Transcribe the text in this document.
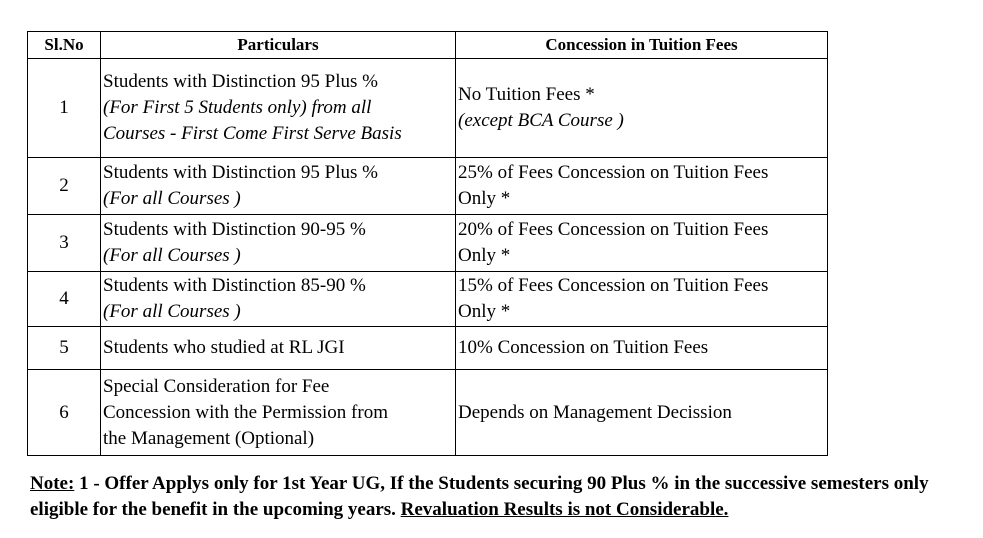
Sl.No	Particulars	Concession in Tuition Fees
1	Students with Distinction 95 Plus %
(For First 5 Students only) from all
Courses - First Come First Serve Basis	No Tuition Fees *
(except BCA Course )

2	Students with Distinction 95 Plus %
(For all Courses )	25% of Fees Concession on Tuition Fees
Only *

3	Students with Distinction 90-95 %
(For all Courses )	20% of Fees Concession on Tuition Fees
Only *

4	Students with Distinction 85-90 %
(For all Courses )	15% of Fees Concession on Tuition Fees
Only *

5	Students who studied at RL JGI	10% Concession on Tuition Fees

6	Special Consideration for Fee
Concession with the Permission from
the Management (Optional)	Depends on Management Decission
Note: 1 - Offer Applys only for 1st Year UG, If the Students securing 90 Plus % in the successive semesters only eligible for the benefit in the upcoming years. Revaluation Results is not Considerable.
